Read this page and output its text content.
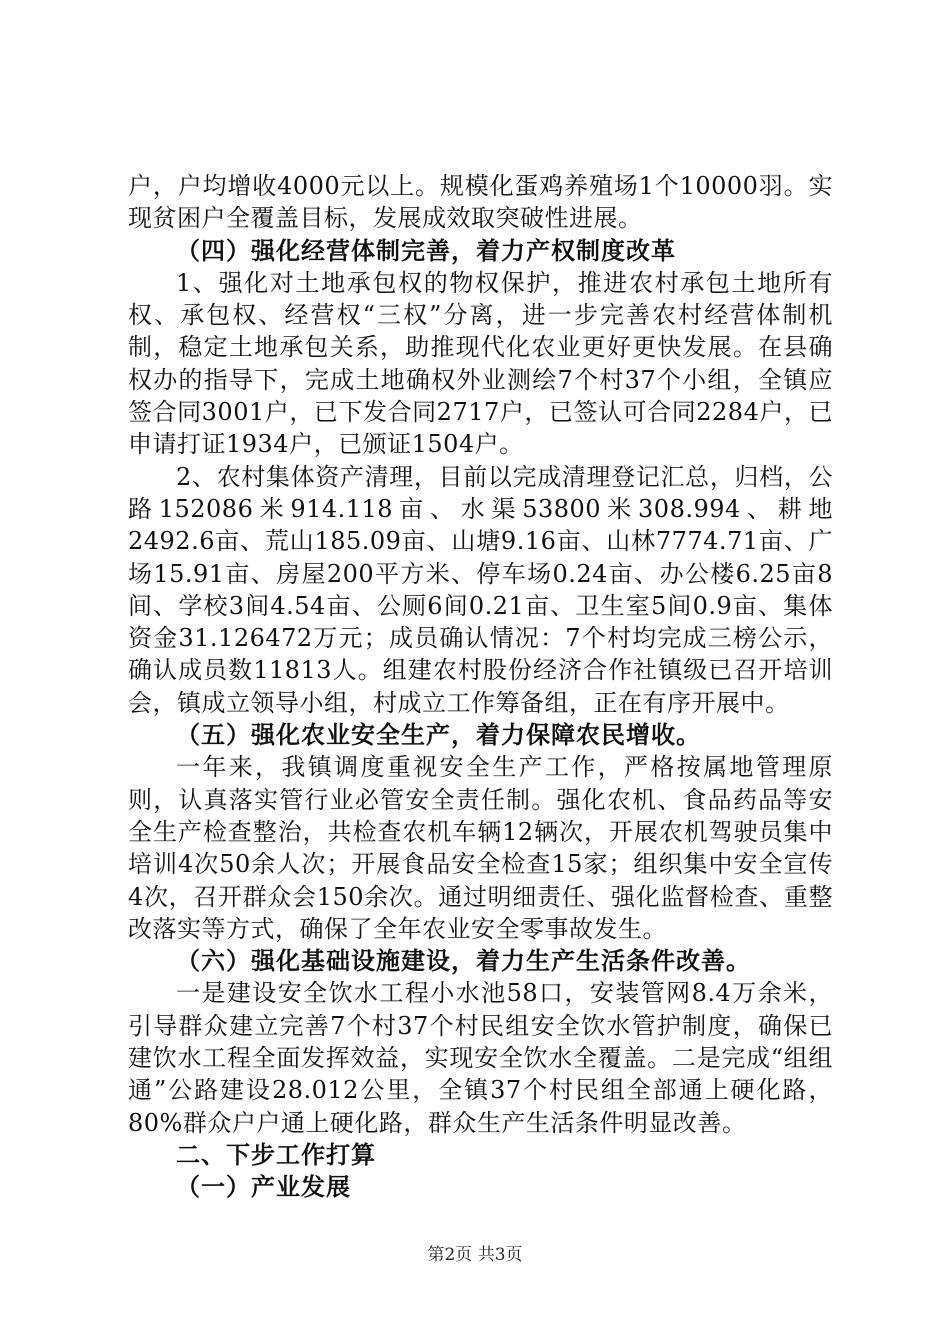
户，户均增收4000元以上。规模化蛋鸡养殖场1个10000羽。实现贫困户全覆盖目标，发展成效取突破性进展。

（四）强化经营体制完善，着力产权制度改革

1、强化对土地承包权的物权保护，推进农村承包土地所有权、承包权、经营权“三权”分离，进一步完善农村经营体制机制，稳定土地承包关系，助推现代化农业更好更快发展。在县确权办的指导下，完成土地确权外业测绘7个村37个小组，全镇应签合同3001户，已下发合同2717户，已签认可合同2284户，已申请打证1934户，已颁证1504户。

2、农村集体资产清理，目前以完成清理登记汇总，归档，公路152086米914.118亩、水渠53800米308.994、耕地2492.6亩、荒山185.09亩、山塘9.16亩、山林7774.71亩、广场15.91亩、房屋200平方米、停车场0.24亩、办公楼6.25亩8间、学校3间4.54亩、公厕6间0.21亩、卫生室5间0.9亩、集体资金31.126472万元；成员确认情况：7个村均完成三榜公示，确认成员数11813人。组建农村股份经济合作社镇级已召开培训会，镇成立领导小组，村成立工作筹备组，正在有序开展中。

（五）强化农业安全生产，着力保障农民增收。

一年来，我镇调度重视安全生产工作，严格按属地管理原则，认真落实管行业必管安全责任制。强化农机、食品药品等安全生产检查整治，共检查农机车辆12辆次，开展农机驾驶员集中培训4次50余人次；开展食品安全检查15家；组织集中安全宣传4次，召开群众会150余次。通过明细责任、强化监督检查、重整改落实等方式，确保了全年农业安全零事故发生。

（六）强化基础设施建设，着力生产生活条件改善。

一是建设安全饮水工程小水池58口，安装管网8.4万余米，引导群众建立完善7个村37个村民组安全饮水管护制度，确保已建饮水工程全面发挥效益，实现安全饮水全覆盖。二是完成“组组通”公路建设28.012公里，全镇37个村民组全部通上硬化路，80%群众户户通上硬化路，群众生产生活条件明显改善。

二、下步工作打算

（一）产业发展

第2页 共3页
